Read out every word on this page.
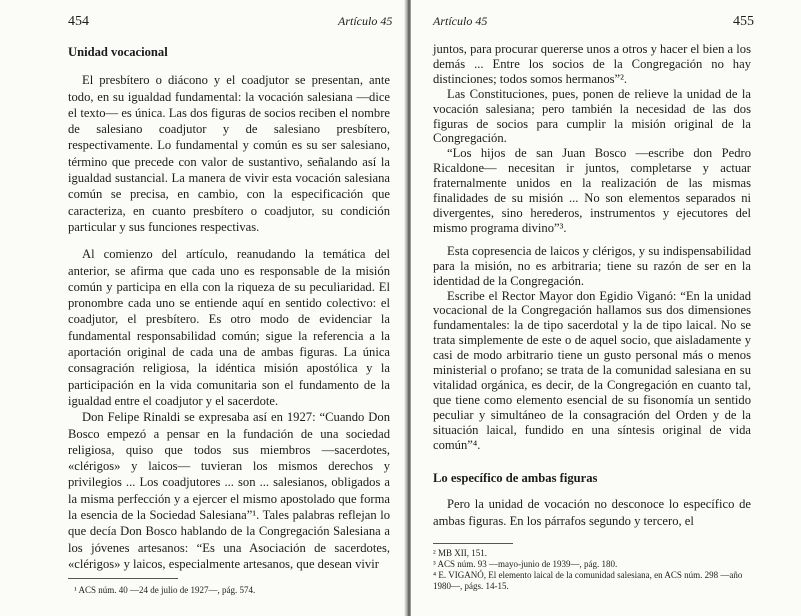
454	Artículo 45

Unidad vocacional

El presbítero o diácono y el coadjutor se presentan, ante todo, en su igualdad fundamental: la vocación salesiana —dice el texto— es única. Las dos figuras de socios reciben el nombre de salesiano coadjutor y de salesiano presbítero, respectivamente. Lo fundamental y común es su ser salesiano, término que precede con valor de sustantivo, señalando así la igualdad sustancial. La manera de vivir esta vocación salesiana común se precisa, en cambio, con la especificación que caracteriza, en cuanto presbítero o coadjutor, su condición particular y sus funciones respectivas.

Al comienzo del artículo, reanudando la temática del anterior, se afirma que cada uno es responsable de la misión común y participa en ella con la riqueza de su peculiaridad. El pronombre cada uno se entiende aquí en sentido colectivo: el coadjutor, el presbítero. Es otro modo de evidenciar la fundamental responsabilidad común; sigue la referencia a la aportación original de cada una de ambas figuras. La única consagración religiosa, la idéntica misión apostólica y la participación en la vida comunitaria son el fundamento de la igualdad entre el coadjutor y el sacerdote.

Don Felipe Rinaldi se expresaba así en 1927: “Cuando Don Bosco empezó a pensar en la fundación de una sociedad religiosa, quiso que todos sus miembros —sacerdotes, «clérigos» y laicos— tuvieran los mismos derechos y privilegios ... Los coadjutores ... son ... salesianos, obligados a la misma perfección y a ejercer el mismo apostolado que forma la esencia de la Sociedad Salesiana”¹. Tales palabras reflejan lo que decía Don Bosco hablando de la Congregación Salesiana a los jóvenes artesanos: “Es una Asociación de sacerdotes, «clérigos» y laicos, especialmente artesanos, que desean vivir

¹ ACS núm. 40 —24 de julio de 1927—, pág. 574.
Artículo 45	455

juntos, para procurar quererse unos a otros y hacer el bien a los demás ... Entre los socios de la Congregación no hay distinciones; todos somos hermanos”².

Las Constituciones, pues, ponen de relieve la unidad de la vocación salesiana; pero también la necesidad de las dos figuras de socios para cumplir la misión original de la Congregación.

“Los hijos de san Juan Bosco —escribe don Pedro Ricaldone— necesitan ir juntos, completarse y actuar fraternalmente unidos en la realización de las mismas finalidades de su misión ... No son elementos separados ni divergentes, sino herederos, instrumentos y ejecutores del mismo programa divino”³.

Esta copresencia de laicos y clérigos, y su indispensabilidad para la misión, no es arbitraria; tiene su razón de ser en la identidad de la Congregación.

Escribe el Rector Mayor don Egidio Viganó: “En la unidad vocacional de la Congregación hallamos sus dos dimensiones fundamentales: la de tipo sacerdotal y la de tipo laical. No se trata simplemente de este o de aquel socio, que aisladamente y casi de modo arbitrario tiene un gusto personal más o menos ministerial o profano; se trata de la comunidad salesiana en su vitalidad orgánica, es decir, de la Congregación en cuanto tal, que tiene como elemento esencial de su fisonomía un sentido peculiar y simultáneo de la consagración del Orden y de la situación laical, fundido en una síntesis original de vida común”⁴.

Lo específico de ambas figuras

Pero la unidad de vocación no desconoce lo específico de ambas figuras. En los párrafos segundo y tercero, el

² MB XII, 151.
³ ACS núm. 93 —mayo-junio de 1939—, pág. 180.
⁴ E. VIGANÓ, El elemento laical de la comunidad salesiana, en ACS núm. 298 —año 1980—, págs. 14-15.
